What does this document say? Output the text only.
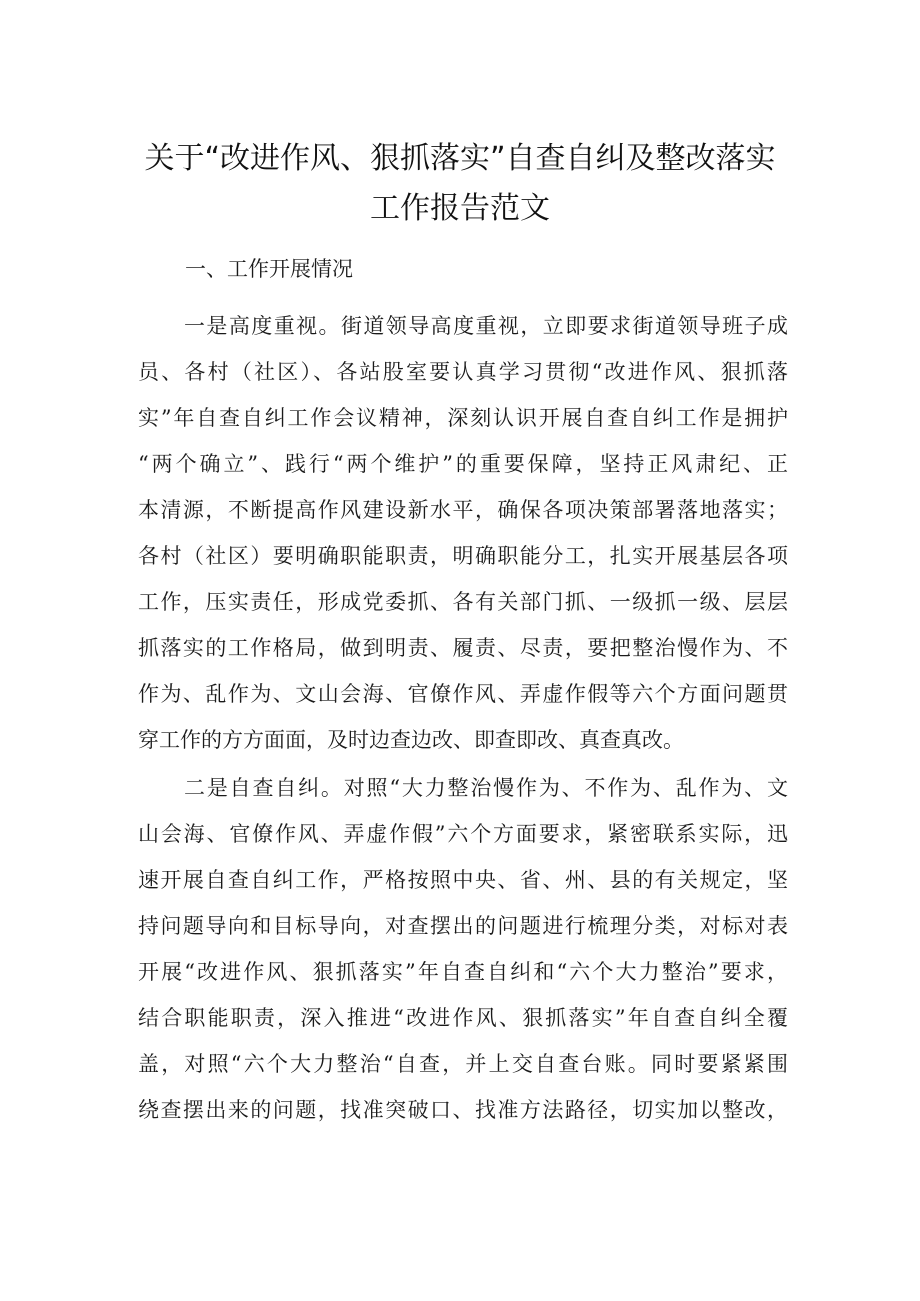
关于“改进作风、狠抓落实”自查自纠及整改落实
工作报告范文
一、工作开展情况
一是高度重视。街道领导高度重视，立即要求街道领导班子成
员、各村（社区）、各站股室要认真学习贯彻“改进作风、狠抓落
实”年自查自纠工作会议精神，深刻认识开展自查自纠工作是拥护
“两个确立”、践行“两个维护”的重要保障，坚持正风肃纪、正
本清源，不断提高作风建设新水平，确保各项决策部署落地落实；
各村（社区）要明确职能职责，明确职能分工，扎实开展基层各项
工作，压实责任，形成党委抓、各有关部门抓、一级抓一级、层层
抓落实的工作格局，做到明责、履责、尽责，要把整治慢作为、不
作为、乱作为、文山会海、官僚作风、弄虚作假等六个方面问题贯
穿工作的方方面面，及时边查边改、即查即改、真查真改。
二是自查自纠。对照“大力整治慢作为、不作为、乱作为、文
山会海、官僚作风、弄虚作假”六个方面要求，紧密联系实际，迅
速开展自查自纠工作，严格按照中央、省、州、县的有关规定，坚
持问题导向和目标导向，对查摆出的问题进行梳理分类，对标对表
开展“改进作风、狠抓落实”年自查自纠和“六个大力整治”要求，
结合职能职责，深入推进“改进作风、狠抓落实”年自查自纠全覆
盖，对照“六个大力整治“自查，并上交自查台账。同时要紧紧围
绕查摆出来的问题，找准突破口、找准方法路径，切实加以整改，
